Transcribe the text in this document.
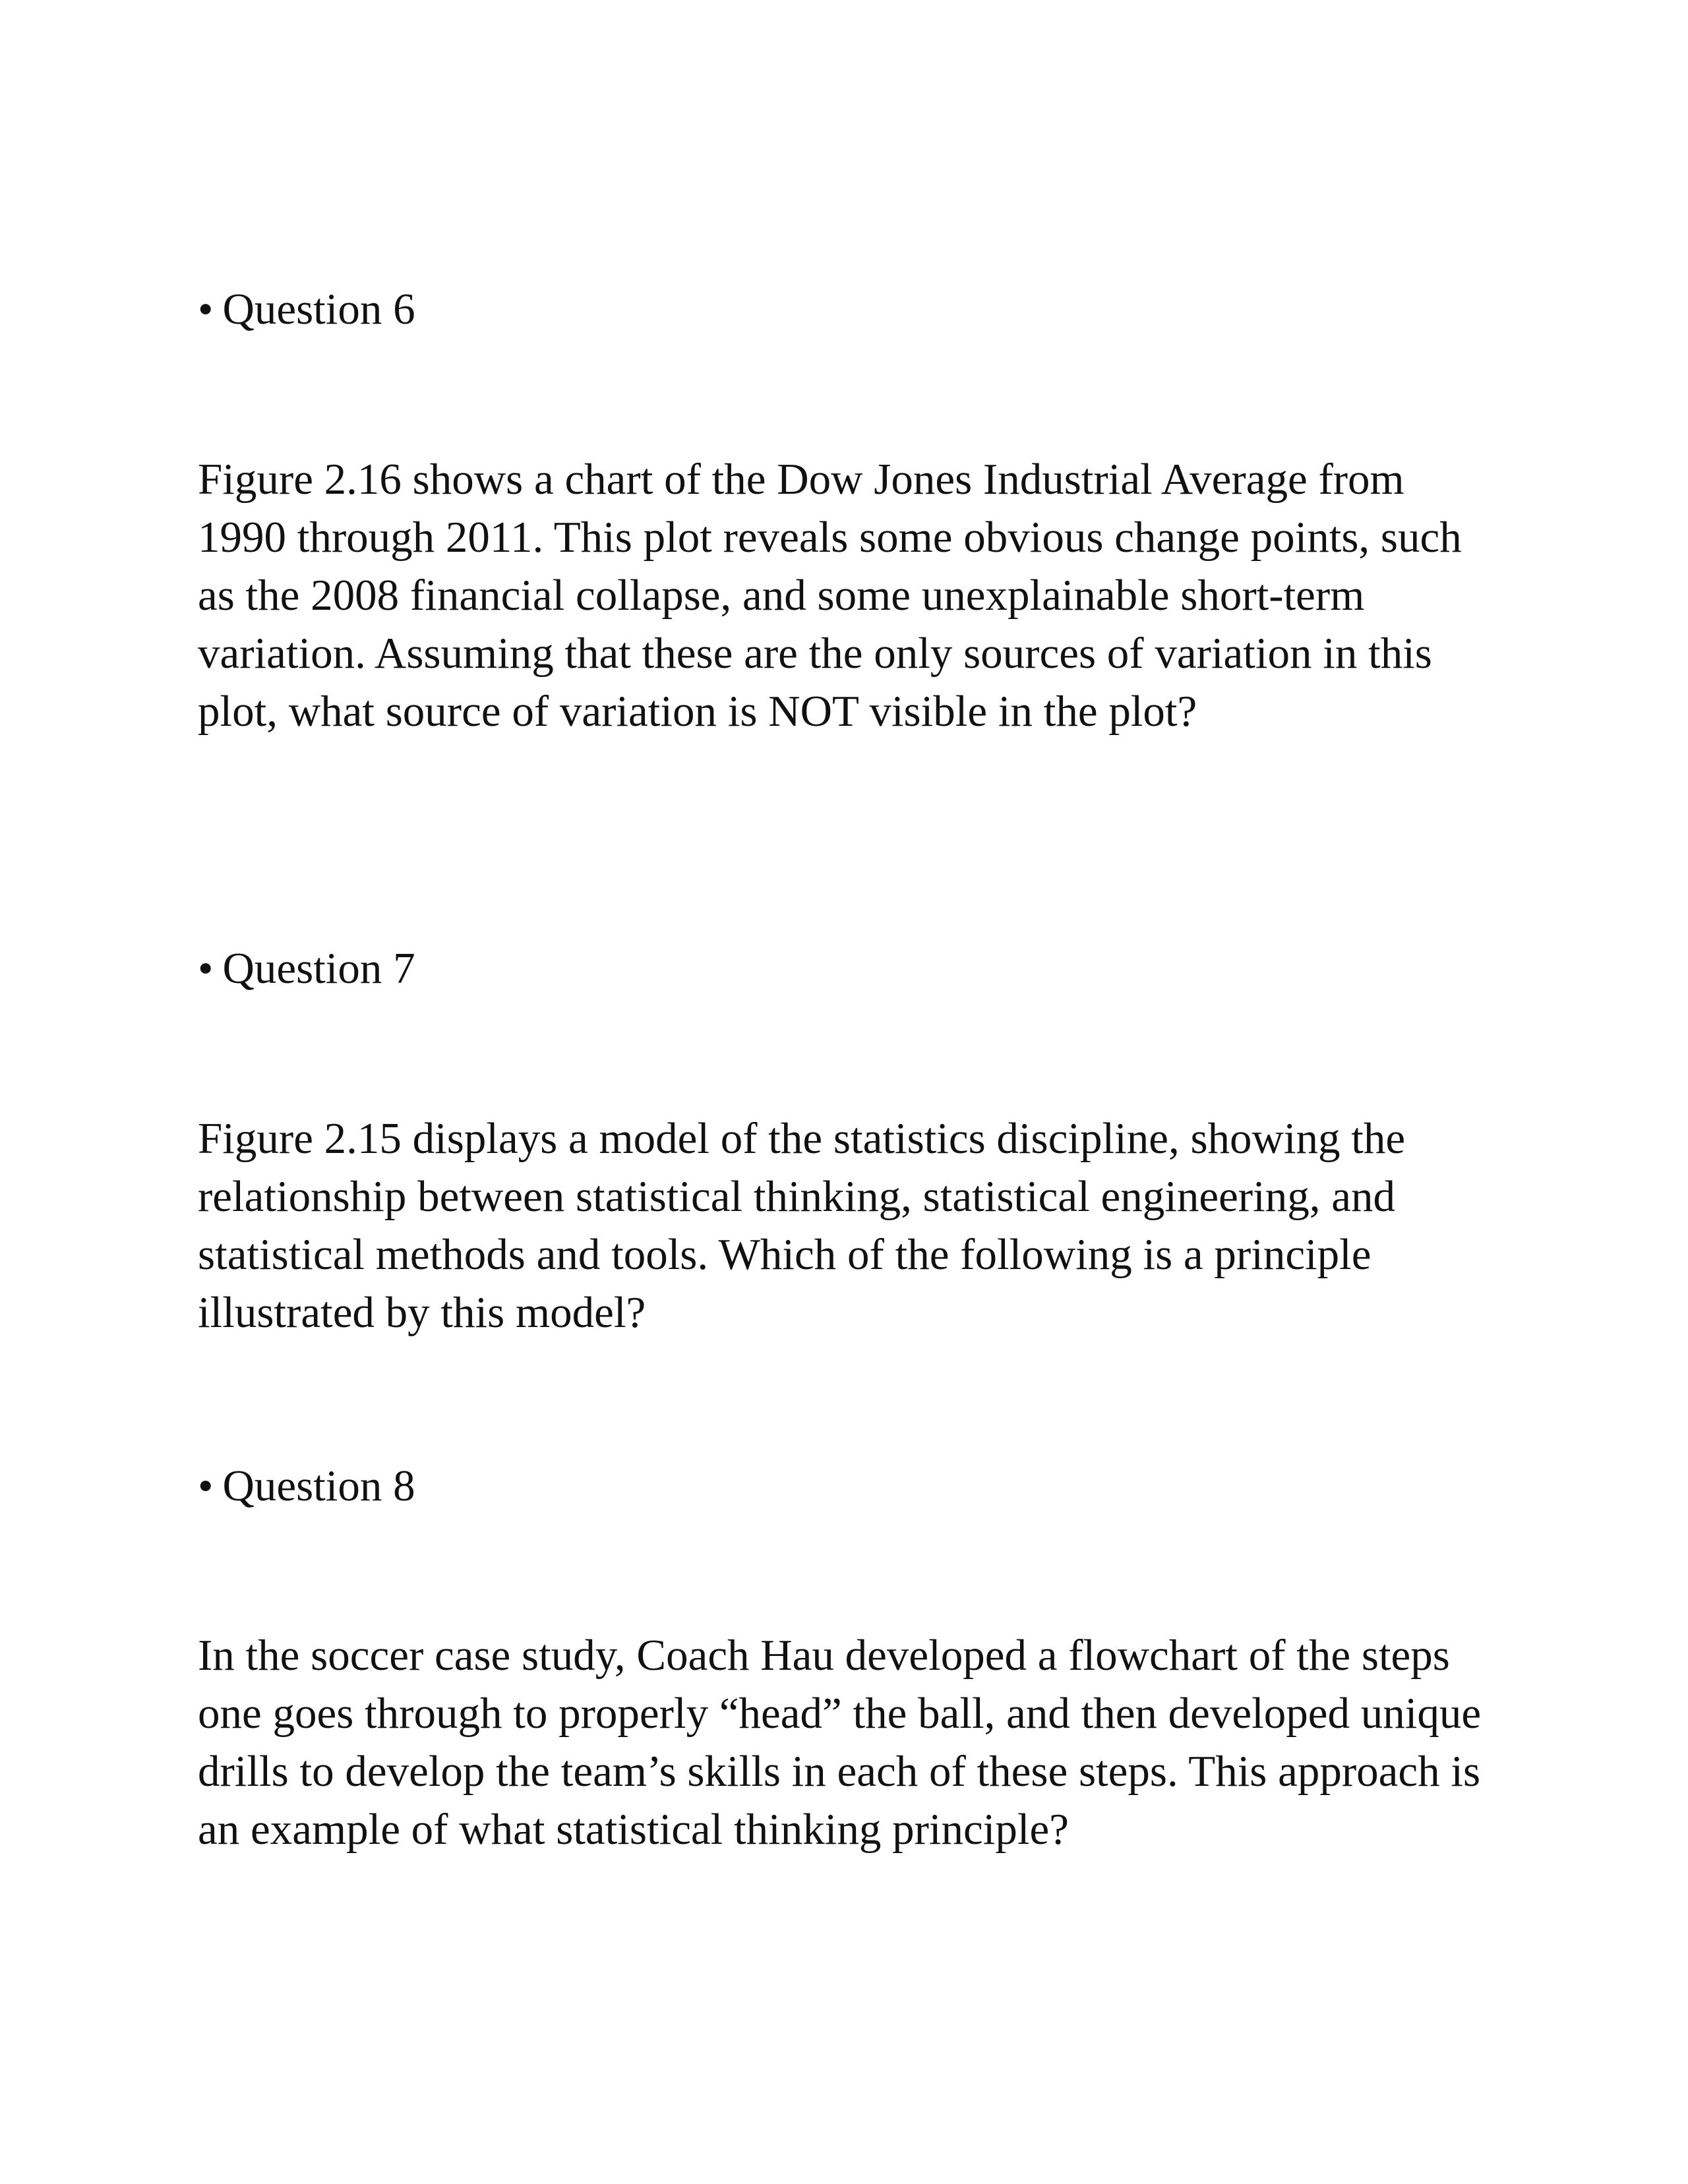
• Question 6
Figure 2.16 shows a chart of the Dow Jones Industrial Average from
1990 through 2011. This plot reveals some obvious change points, such
as the 2008 financial collapse, and some unexplainable short-term
variation. Assuming that these are the only sources of variation in this
plot, what source of variation is NOT visible in the plot?
• Question 7
Figure 2.15 displays a model of the statistics discipline, showing the
relationship between statistical thinking, statistical engineering, and
statistical methods and tools. Which of the following is a principle
illustrated by this model?
• Question 8
In the soccer case study, Coach Hau developed a flowchart of the steps
one goes through to properly “head” the ball, and then developed unique
drills to develop the team’s skills in each of these steps. This approach is
an example of what statistical thinking principle?
